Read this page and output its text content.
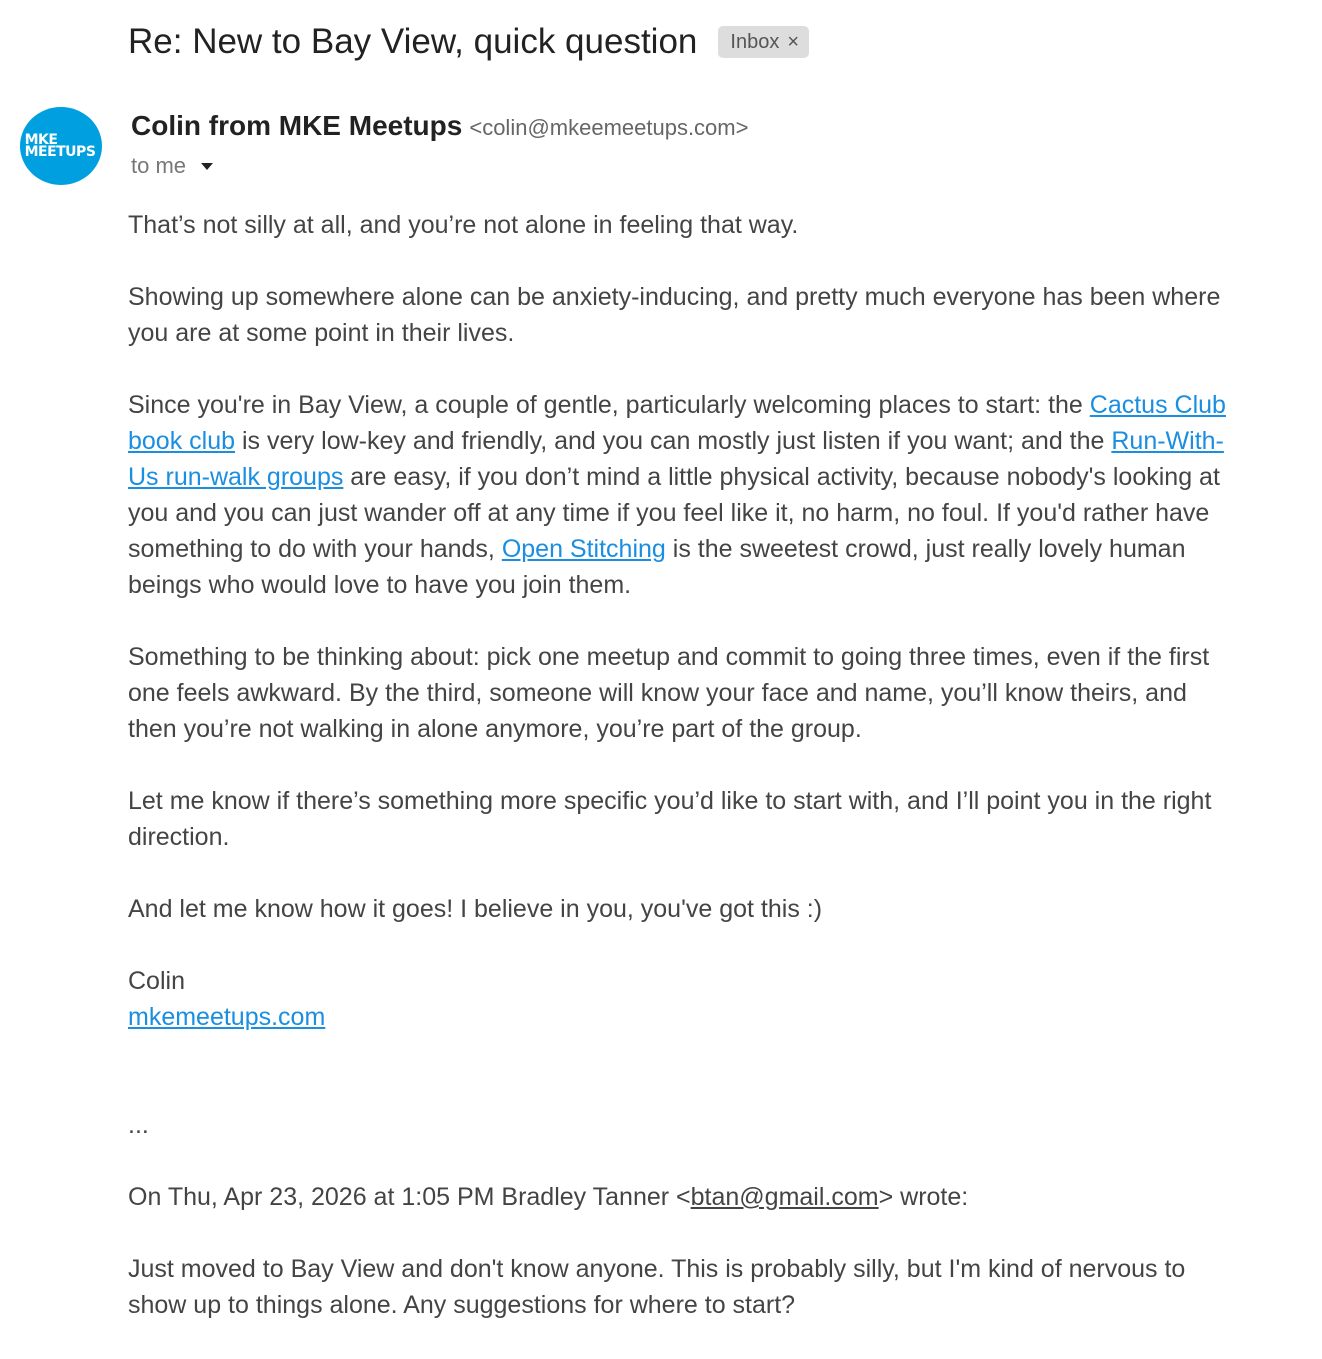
Re: New to Bay View, quick question Inbox ×
MKE
MEETUPS
Colin from MKE Meetups <colin@mkeemeetups.com>
to me

That’s not silly at all, and you’re not alone in feeling that way.

Showing up somewhere alone can be anxiety-inducing, and pretty much everyone has been where you are at some point in their lives.

Since you're in Bay View, a couple of gentle, particularly welcoming places to start: the Cactus Club book club is very low-key and friendly, and you can mostly just listen if you want; and the Run-With-Us run-walk groups are easy, if you don’t mind a little physical activity, because nobody's looking at you and you can just wander off at any time if you feel like it, no harm, no foul. If you'd rather have something to do with your hands, Open Stitching is the sweetest crowd, just really lovely human beings who would love to have you join them.

Something to be thinking about: pick one meetup and commit to going three times, even if the first one feels awkward. By the third, someone will know your face and name, you’ll know theirs, and then you’re not walking in alone anymore, you’re part of the group.

Let me know if there’s something more specific you’d like to start with, and I’ll point you in the right direction.

And let me know how it goes! I believe in you, you've got this :)

Colin

mkemeetups.com

...

On Thu, Apr 23, 2026 at 1:05 PM Bradley Tanner <btan@gmail.com> wrote:

Just moved to Bay View and don't know anyone. This is probably silly, but I'm kind of nervous to show up to things alone. Any suggestions for where to start?
